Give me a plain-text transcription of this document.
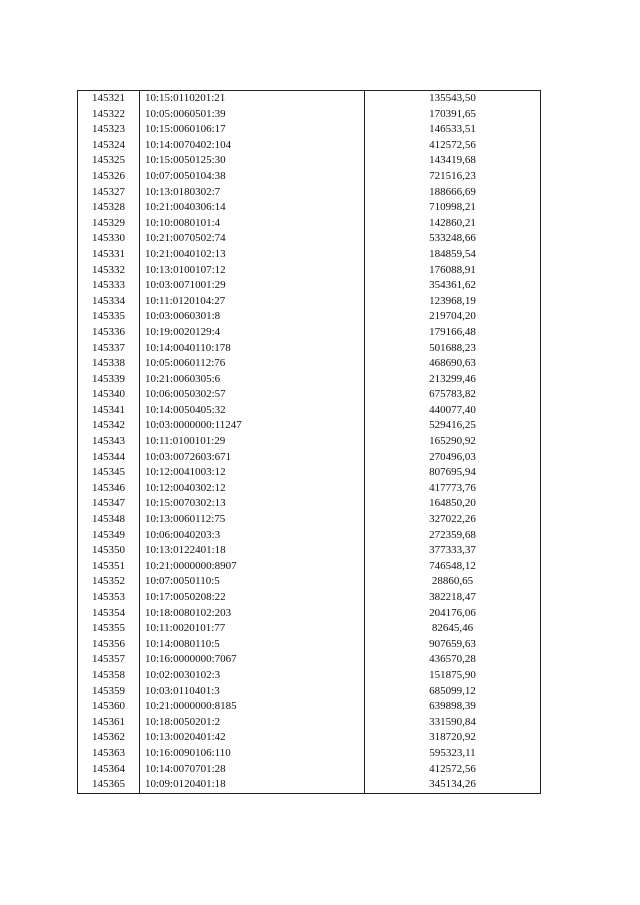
145321	10:15:0110201:21	135543,50
145322	10:05:0060501:39	170391,65
145323	10:15:0060106:17	146533,51
145324	10:14:0070402:104	412572,56
145325	10:15:0050125:30	143419,68
145326	10:07:0050104:38	721516,23
145327	10:13:0180302:7	188666,69
145328	10:21:0040306:14	710998,21
145329	10:10:0080101:4	142860,21
145330	10:21:0070502:74	533248,66
145331	10:21:0040102:13	184859,54
145332	10:13:0100107:12	176088,91
145333	10:03:0071001:29	354361,62
145334	10:11:0120104:27	123968,19
145335	10:03:0060301:8	219704,20
145336	10:19:0020129:4	179166,48
145337	10:14:0040110:178	501688,23
145338	10:05:0060112:76	468690,63
145339	10:21:0060305:6	213299,46
145340	10:06:0050302:57	675783,82
145341	10:14:0050405:32	440077,40
145342	10:03:0000000:11247	529416,25
145343	10:11:0100101:29	165290,92
145344	10:03:0072603:671	270496,03
145345	10:12:0041003:12	807695,94
145346	10:12:0040302:12	417773,76
145347	10:15:0070302:13	164850,20
145348	10:13:0060112:75	327022,26
145349	10:06:0040203:3	272359,68
145350	10:13:0122401:18	377333,37
145351	10:21:0000000:8907	746548,12
145352	10:07:0050110:5	28860,65
145353	10:17:0050208:22	382218,47
145354	10:18:0080102:203	204176,06
145355	10:11:0020101:77	82645,46
145356	10:14:0080110:5	907659,63
145357	10:16:0000000:7067	436570,28
145358	10:02:0030102:3	151875,90
145359	10:03:0110401:3	685099,12
145360	10:21:0000000:8185	639898,39
145361	10:18:0050201:2	331590,84
145362	10:13:0020401:42	318720,92
145363	10:16:0090106:110	595323,11
145364	10:14:0070701:28	412572,56
145365	10:09:0120401:18	345134,26
